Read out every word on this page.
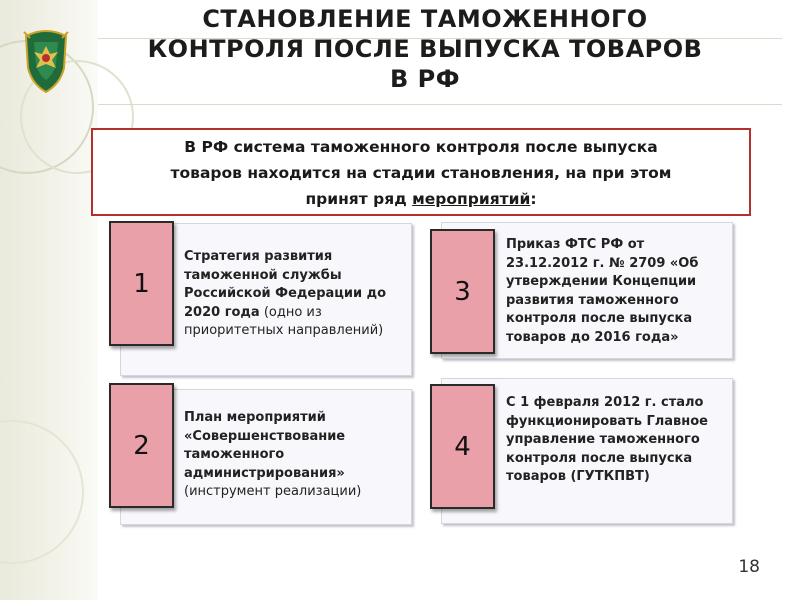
СТАНОВЛЕНИЕ ТАМОЖЕННОГО
КОНТРОЛЯ ПОСЛЕ ВЫПУСКА ТОВАРОВ
В РФ
В РФ система таможенного контроля после выпуска
товаров находится на стадии становления, на при этом
принят ряд мероприятий:
Стратегия развития таможенной службы Российской Федерации до 2020 года (одно из приоритетных направлений)
Приказ ФТС РФ от 23.12.2012 г. № 2709 «Об утверждении Концепции развития таможенного контроля после выпуска товаров до 2016 года»
План мероприятий «Совершенствование таможенного администрирования» (инструмент реализации)
С 1 февраля 2012 г. стало функционировать Главное управление таможенного контроля после выпуска товаров (ГУТКПВТ)
1	3
2	4
18
